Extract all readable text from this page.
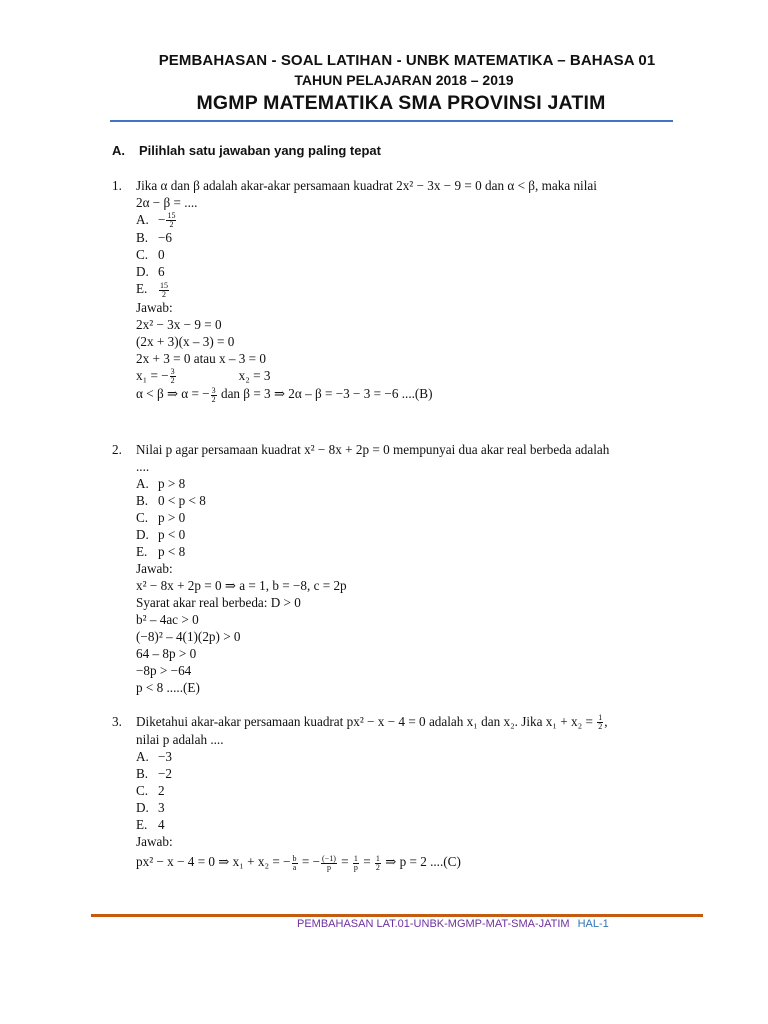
PEMBAHASAN - SOAL LATIHAN - UNBK MATEMATIKA – BAHASA 01
TAHUN PELAJARAN 2018 – 2019
MGMP MATEMATIKA SMA PROVINSI JATIM
A. Pilihlah satu jawaban yang paling tepat
1.	Jika α dan β adalah akar-akar persamaan kuadrat 2x² − 3x − 9 = 0 dan α < β, maka nilai
2α − β = ....
A. − $\frac{15}{2}$
B. −6
C. 0
D. 6
E. $\frac{15}{2}$
Jawab:
2x² − 3x − 9 = 0
(2x + 3)(x – 3) = 0
2x + 3 = 0 atau x – 3 = 0
x₁ = − $\frac{3}{2}$	x₂ = 3
α < β ⇒ α = − $\frac{3}{2}$ dan β = 3 ⇒ 2α – β = −3 − 3 = −6 ....(B)
2.	Nilai p agar persamaan kuadrat x² − 8x + 2p = 0 mempunyai dua akar real berbeda adalah
....
A. p > 8
B. 0 < p < 8
C. p > 0
D. p < 0
E. p < 8
Jawab:
x² − 8x + 2p = 0 ⇒ a = 1, b = −8, c = 2p
Syarat akar real berbeda: D > 0
b² – 4ac > 0
(−8)² – 4(1)(2p) > 0
64 – 8p > 0
−8p > −64
p < 8 .....(E)
3.	Diketahui akar-akar persamaan kuadrat px² − x − 4 = 0 adalah x₁ dan x₂. Jika $x_1 + x_2 = \frac{1}{2}$ ,
nilai p adalah ....
A. −3
B. −2
C. 2
D. 3
E. 4
Jawab:
px² − x − 4 = 0 ⇒ x₁ + x₂ = − $\frac{b}{a}$ = − $\frac{(-1)}{p} = \frac{1}{p} = \frac{1}{2}$ ⇒ p = 2 ....(C)
PEMBAHASAN LAT.01-UNBK-MGMP-MAT-SMA-JATIM HAL-1
